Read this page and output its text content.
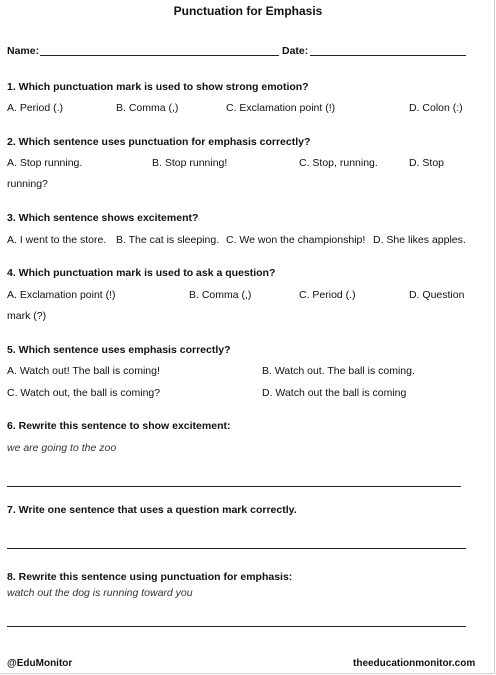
Punctuation for Emphasis
Name:	Date:
1. Which punctuation mark is used to show strong emotion?
A. Period (.)	B. Comma (,)	C. Exclamation point (!)	D. Colon (:)
2. Which sentence uses punctuation for emphasis correctly?
A. Stop running.	B. Stop running!	C. Stop, running.	D. Stop
running?
3. Which sentence shows excitement?
A. I went to the store. B. The cat is sleeping. C. We won the championship! D. She likes apples.
4. Which punctuation mark is used to ask a question?
A. Exclamation point (!)	B. Comma (,)	C. Period (.)	D. Question
mark (?)
5. Which sentence uses emphasis correctly?
A. Watch out! The ball is coming!	B. Watch out. The ball is coming.
C. Watch out, the ball is coming?	D. Watch out the ball is coming
6. Rewrite this sentence to show excitement:
we are going to the zoo
7. Write one sentence that uses a question mark correctly.
8. Rewrite this sentence using punctuation for emphasis:
watch out the dog is running toward you
@EduMonitor	theeducationmonitor.com
